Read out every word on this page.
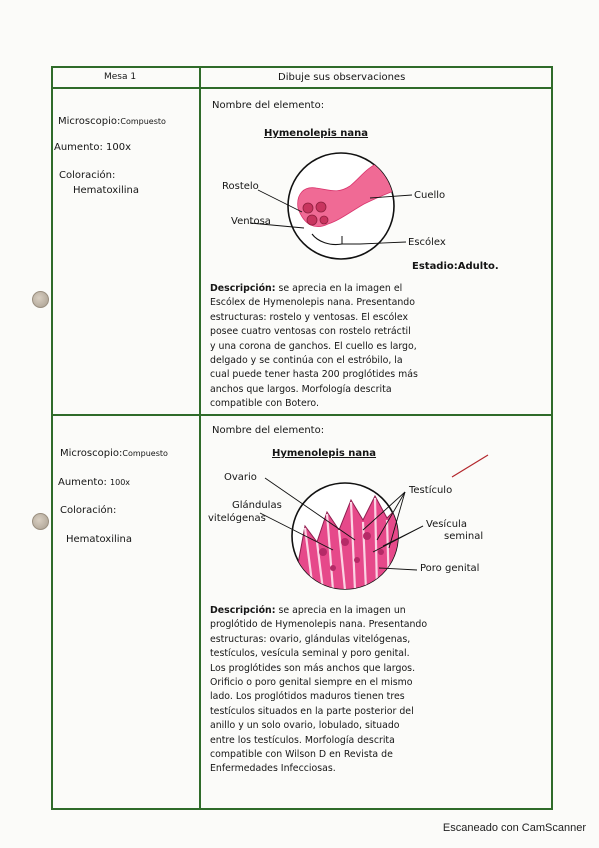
Mesa 1	Dibuje sus observaciones
Microscopio:Compuesto
Aumento: 100x
Coloración:
Hematoxilina
Nombre del elemento:
Hymenolepis nana
Rostelo
Ventosa
Cuello
Escólex
Estadio:Adulto.
Descripción: se aprecia en la imagen el
Escólex de Hymenolepis nana. Presentando
estructuras: rostelo y ventosas. El escólex
posee cuatro ventosas con rostelo retráctil
y una corona de ganchos. El cuello es largo,
delgado y se continúa con el estróbilo, la
cual puede tener hasta 200 proglótides más
anchos que largos. Morfología descrita
compatible con Botero.
Microscopio:Compuesto
Aumento: 100x
Coloración:
Hematoxilina
Nombre del elemento:
Hymenolepis nana
Ovario
Glándulas
vitelógenas
Testículo
Vesícula
seminal
Poro genital
Descripción: se aprecia en la imagen un
proglótido de Hymenolepis nana. Presentando
estructuras: ovario, glándulas vitelógenas,
testículos, vesícula seminal y poro genital.
Los proglótides son más anchos que largos.
Orificio o poro genital siempre en el mismo
lado. Los proglótidos maduros tienen tres
testículos situados en la parte posterior del
anillo y un solo ovario, lobulado, situado
entre los testículos. Morfología descrita
compatible con Wilson D en Revista de
Enfermedades Infecciosas.
Escaneado con CamScanner
